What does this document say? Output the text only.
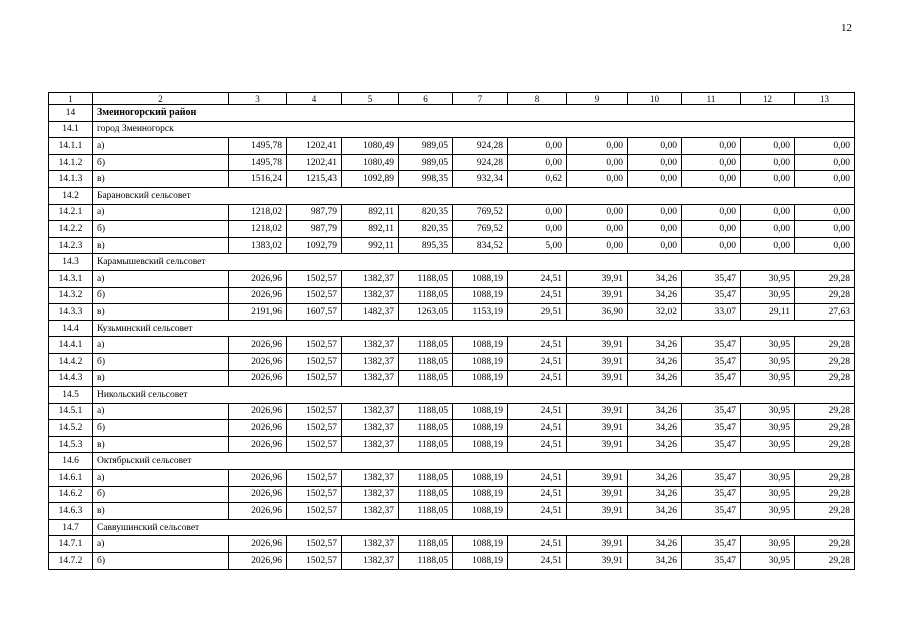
12
1	2	3	4	5	6	7	8	9	10	11	12	13
14	Змеиногорский район											
14.1	город Змеиногорск											
14.1.1	а)	1495,78	1202,41	1080,49	989,05	924,28	0,00	0,00	0,00	0,00	0,00	0,00
14.1.2	б)	1495,78	1202,41	1080,49	989,05	924,28	0,00	0,00	0,00	0,00	0,00	0,00
14.1.3	в)	1516,24	1215,43	1092,89	998,35	932,34	0,62	0,00	0,00	0,00	0,00	0,00
14.2	Барановский сельсовет											
14.2.1	а)	1218,02	987,79	892,11	820,35	769,52	0,00	0,00	0,00	0,00	0,00	0,00
14.2.2	б)	1218,02	987,79	892,11	820,35	769,52	0,00	0,00	0,00	0,00	0,00	0,00
14.2.3	в)	1383,02	1092,79	992,11	895,35	834,52	5,00	0,00	0,00	0,00	0,00	0,00
14.3	Карамышевский сельсовет											
14.3.1	а)	2026,96	1502,57	1382,37	1188,05	1088,19	24,51	39,91	34,26	35,47	30,95	29,28
14.3.2	б)	2026,96	1502,57	1382,37	1188,05	1088,19	24,51	39,91	34,26	35,47	30,95	29,28
14.3.3	в)	2191,96	1607,57	1482,37	1263,05	1153,19	29,51	36,90	32,02	33,07	29,11	27,63
14.4	Кузьминский сельсовет											
14.4.1	а)	2026,96	1502,57	1382,37	1188,05	1088,19	24,51	39,91	34,26	35,47	30,95	29,28
14.4.2	б)	2026,96	1502,57	1382,37	1188,05	1088,19	24,51	39,91	34,26	35,47	30,95	29,28
14.4.3	в)	2026,96	1502,57	1382,37	1188,05	1088,19	24,51	39,91	34,26	35,47	30,95	29,28
14.5	Никольский сельсовет											
14.5.1	а)	2026,96	1502,57	1382,37	1188,05	1088,19	24,51	39,91	34,26	35,47	30,95	29,28
14.5.2	б)	2026,96	1502,57	1382,37	1188,05	1088,19	24,51	39,91	34,26	35,47	30,95	29,28
14.5.3	в)	2026,96	1502,57	1382,37	1188,05	1088,19	24,51	39,91	34,26	35,47	30,95	29,28
14.6	Октябрьский сельсовет											
14.6.1	а)	2026,96	1502,57	1382,37	1188,05	1088,19	24,51	39,91	34,26	35,47	30,95	29,28
14.6.2	б)	2026,96	1502,57	1382,37	1188,05	1088,19	24,51	39,91	34,26	35,47	30,95	29,28
14.6.3	в)	2026,96	1502,57	1382,37	1188,05	1088,19	24,51	39,91	34,26	35,47	30,95	29,28
14.7	Саввушинский сельсовет											
14.7.1	а)	2026,96	1502,57	1382,37	1188,05	1088,19	24,51	39,91	34,26	35,47	30,95	29,28
14.7.2	б)	2026,96	1502,57	1382,37	1188,05	1088,19	24,51	39,91	34,26	35,47	30,95	29,28
